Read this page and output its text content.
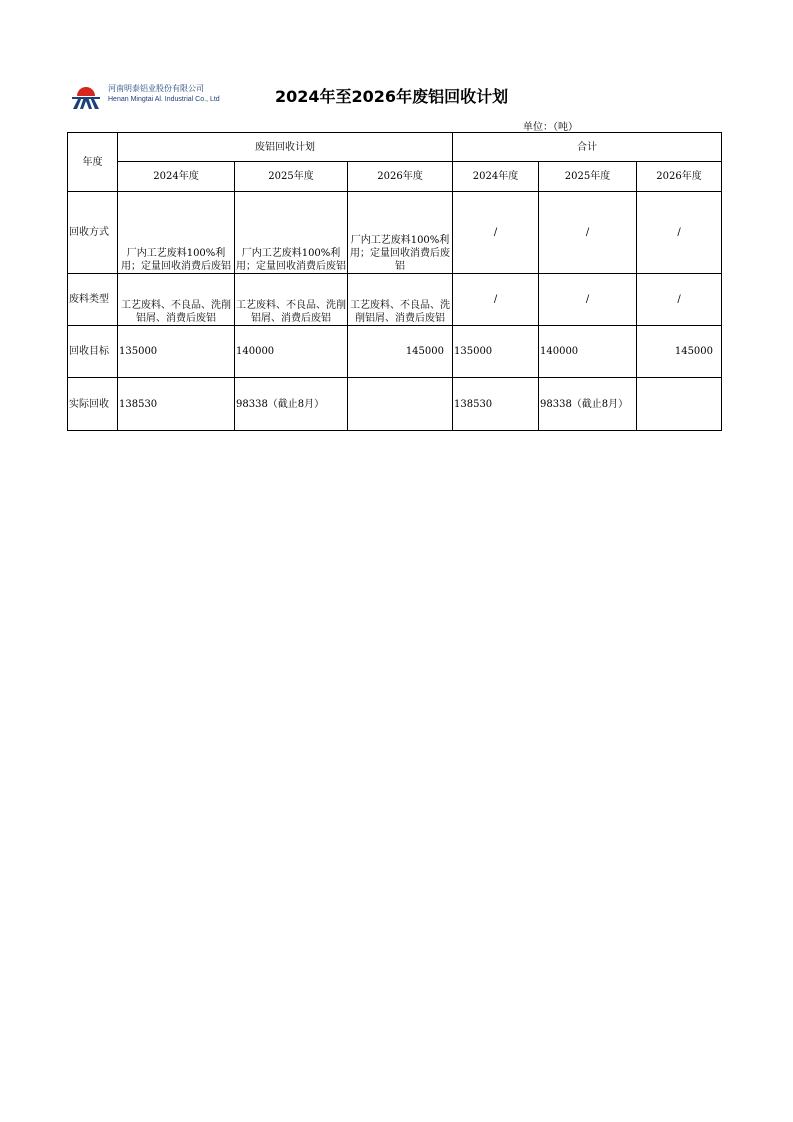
河南明泰铝业股份有限公司
Henan Mingtai Al. Industrial Co., Ltd	2024年至2026年废铝回收计划
单位：（吨）
年度	废铝回收计划			合计		
	2024年度	2025年度	2026年度	2024年度	2025年度	2026年度
回收方式	厂内工艺废料100%利用；定量回收消费后废铝	厂内工艺废料100%利用；定量回收消费后废铝	厂内工艺废料100%利用；定量回收消费后废铝	/	/	/
废料类型	工艺废料、不良品、洗削铝屑、消费后废铝	工艺废料、不良品、洗削铝屑、消费后废铝	工艺废料、不良品、洗削铝屑、消费后废铝	/	/	/
回收目标	135000	140000	145000	135000	140000	145000
实际回收	138530	98338（截止8月）		138530	98338（截止8月）	
